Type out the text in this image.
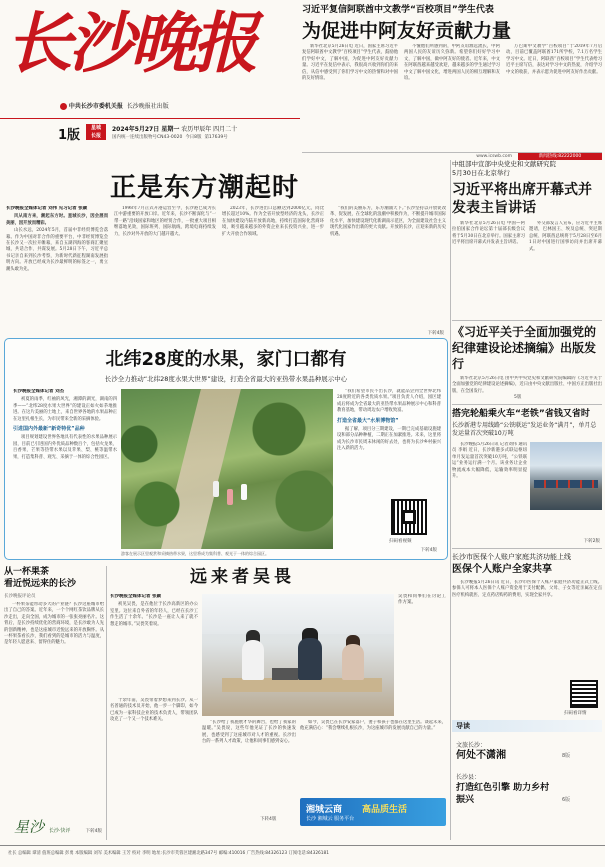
长沙晚报
中共长沙市委机关报 长沙晚报社出版
1版	星城
长报
2024年5月27日 星期一 农历甲辰年 四月二十
国内统一连续出版物号CN43-0020 今日8版 第17639号
习近平复信阿联酋中文教学“百校项目”学生代表
为促进中阿友好贡献力量

新华社北京5月26日电 近日，国家主席习近平复信阿联酋中文教学“百校项目”学生代表，鼓励他们学好中文，了解中国，为促进中阿友好贡献力量。习近平在复信中表示，我很高兴收到你们的来信，从信中感受到了你们学习中文的热情和对中国的友好情谊。

不懂他们所感到的，中阿友谊源远流长，中阿两国人民的友谊历久弥新。希望你们好好学习中文，了解中国，做中阿友好的使者。近年来，中文在阿联酋越来越受欢迎，越来越多的学生通过学习中文了解中国文化，增进两国人民的相互理解和友谊。

万巴斯中文教学“百校项目”于2019年7月启动，目前已覆盖阿联酋171所学校，7.1万名学生学习中文。近日，阿联酋“百校项目”学生代表给习近平主席写信，表达对学习中文的热爱，介绍学习中文的收获，并表示愿为促进中阿友好作出贡献。

www.icswb.com	新闻热线:82222000
正是东方潮起时
长沙晚报全媒体记者 刘伟 见习记者 张颖

风从南方来，潮起东方时。星城长沙，因会展而美丽，因开放而精彩。

山长水远，2024年5月，首届中非经贸博览会落幕。作为中国对非合作的重要平台，中非经贸博览会在长沙又一次拉开帷幕，来自五湖四海的客商汇聚星城，共话合作、共谋发展。5月28日下午，习近平总书记亲自来到长沙考察，为新时代新征程湖南发展指明方向。开放已经成为长沙最鲜明的标签之一，勇立潮头敢为先。

1998年7月正式开港运营至今，长沙港已成为长江中游重要的开放口岸。近年来，长沙不断深化与“一带一路”沿线国家和地区的经贸合作，一批重大项目相继落地见效，国际班列、国际航线、跨境电商持续发力，长沙对外开放的大门越开越大。

2023年，长沙进出口总额达到2000亿元，同比增长超过10%。作为全省开放型经济的龙头，长沙正在加快建设内陆开放新高地，持续打造国际化营商环境，吸引越来越多的外资企业来长投资兴业，进一步扩大开放合作领域。

“我们的美丽东方，东方潮涌天下。”长沙坚持以开放促改革、促发展，在全球化的浪潮中积极作为，不断提升城市国际化水平，加快建设现代化新湖南示范区，为全面建设社会主义现代化国家作出新的更大贡献。开放的长沙，正迎来新的历史机遇。

下转4版
北纬28度的水果，家门口都有
长沙全力推动“北纬28度水果大世界”建设，打造全省最大的亚热带水果品种展示中心
长沙晚报全媒体记者 刘杰

初夏的雨季，红袖的风光，湘潭的湖光，湖南的四季——“北纬28度水果大世界”的建设正如火如荼地推进。在这片美丽的土地上，来自世界各地的水果品种正在这里扎根生长，为市民带来全新的采摘体验。

引进国内外最新“新奇特优”品种

项目规划建设世界各地具有代表性的水果品种展示园，目前已引进国内外优质品种数百个，包括火龙果、百香果、芒果等热带水果以及苹果、梨、桃等温带水果，打造集科普、观光、采摘于一体的综合性园区。

“我们希望市民不出长沙，就能品尝到全世界北纬28度附近的各类优质水果。”项目负责人介绍，园区建成后将成为全省最大的亚热带水果品种展示中心和科普教育基地，带动周边农户增收致富。

打造全省最大“水果博物馆”

据了解，项目分三期建设，一期已完成基础设施建设和部分品种种植，二期正在加紧推进。未来，这里将成为长沙市民周末休闲的好去处，也将为长沙乡村振兴注入新的活力。

扫码看视频
游客在展示区里观赏和采摘热带水果，这里将成为集科普、观光于一体的综合园区。
下转4版
中组部中宣部中央党史和文献研究院
5月30日在北京举行
习近平将出席开幕式并发表主旨讲话

新华社北京5月26日电 中国—阿拉伯国家合作论坛第十届部长级会议将于5月30日在北京举行。国家主席习近平将出席开幕式并发表主旨讲话。

外交部发言人宣布，应习近平主席邀请，巴林国王、埃及总统、突尼斯总统、阿联酋总统将于5月28日至6月1日对中国进行国事访问并出席开幕式。

《习近平关于全面加强党的纪律建设论述摘编》出版发行

新华社北京5月26日电 由中共中央党史和文献研究院编辑的《习近平关于全面加强党的纪律建设论述摘编》，近日由中央文献出版社、中国方正出版社出版，在全国发行。

5版
搭完轮船乘火车“老铁”省钱又省时
长沙新港专用线路“公铁联运”发运业务“满月”，单月总发运量首次突破10万吨

长沙晚报5月26日讯 记者刘伟 通讯员 李娟 近日，长沙新港多式联运枢纽单月发运量首次突破10万吨，“公铁联运”业务运行满一个月。该业务让企业物流成本大幅降低，运输效率明显提升。

下转2版
长沙市医保个人账户家庭共济功能上线
医保个人账户全家共享

长沙晚报5月26日讯 近日，长沙市医保个人账户家庭共济功能正式上线。参保人可将本人医保个人账户资金用于支付配偶、父母、子女等近亲属在定点医疗机构就医、定点药店购药的费用，实现全家共享。

扫码看详情
导读
文旅长沙：
何处不潇湘	8版
长沙县：
打造红色引擎 助力乡村振兴	6版
从一杯果茶
看近悦远来的长沙
长沙晚报评论员

一杯果茶能带动多大的产业链？长沙这座城市给出了自己的答案。近年来，一个个网红茶饮品牌从长沙走出，走向全国，成为城市的一张张亮丽名片。这背后，是长沙持续优化的营商环境，是长沙敢为人先的创新精神，也是这座城市近悦远来的开放胸怀。从一杯果茶看长沙，我们看到的是城市的活力与温度，是年轻人愿意来、留得住的魅力。

星沙 长沙·快评	下转4版
远来者吴畏
长沙晚报全媒体记者 张颖

初见吴畏，是在他位于长沙高新区的办公室里。这位来自外省的年轻人，已经在长沙工作生活了十余年。“长沙是一座让人来了就不想走的城市。”吴畏笑着说。

吴畏和同事们在讨论工作方案。

十余年前，吴畏带着梦想来到长沙。从一名普通的技术员开始，他一步一个脚印，如今已成为一家科技企业的技术负责人，带领团队攻克了一个又一个技术难关。

“长沙给了我施展才华的舞台，也给了我家的温暖。”吴畏说，这些年他见证了长沙的快速发展，也感受到了这座城市对人才的重视。长沙出台的一系列人才政策，让他和同事们感到安心。

如今，吴畏已在长沙安家落户，妻子和孩子也都在这里生活。谈起未来，他充满信心：“我会继续扎根长沙，为这座城市的发展贡献自己的力量。”

湘城云商 高品质生活
长沙 湘城云 服务平台
下转4版
社长 总编辑 谭清 值班总编辑 彭勇 本版编辑 刘军 美术编辑 王芳 校对 李明 地址:长沙市芙蓉区建湘北路347号 邮编:410016 广告热线:84326123 订阅电话:84326181
